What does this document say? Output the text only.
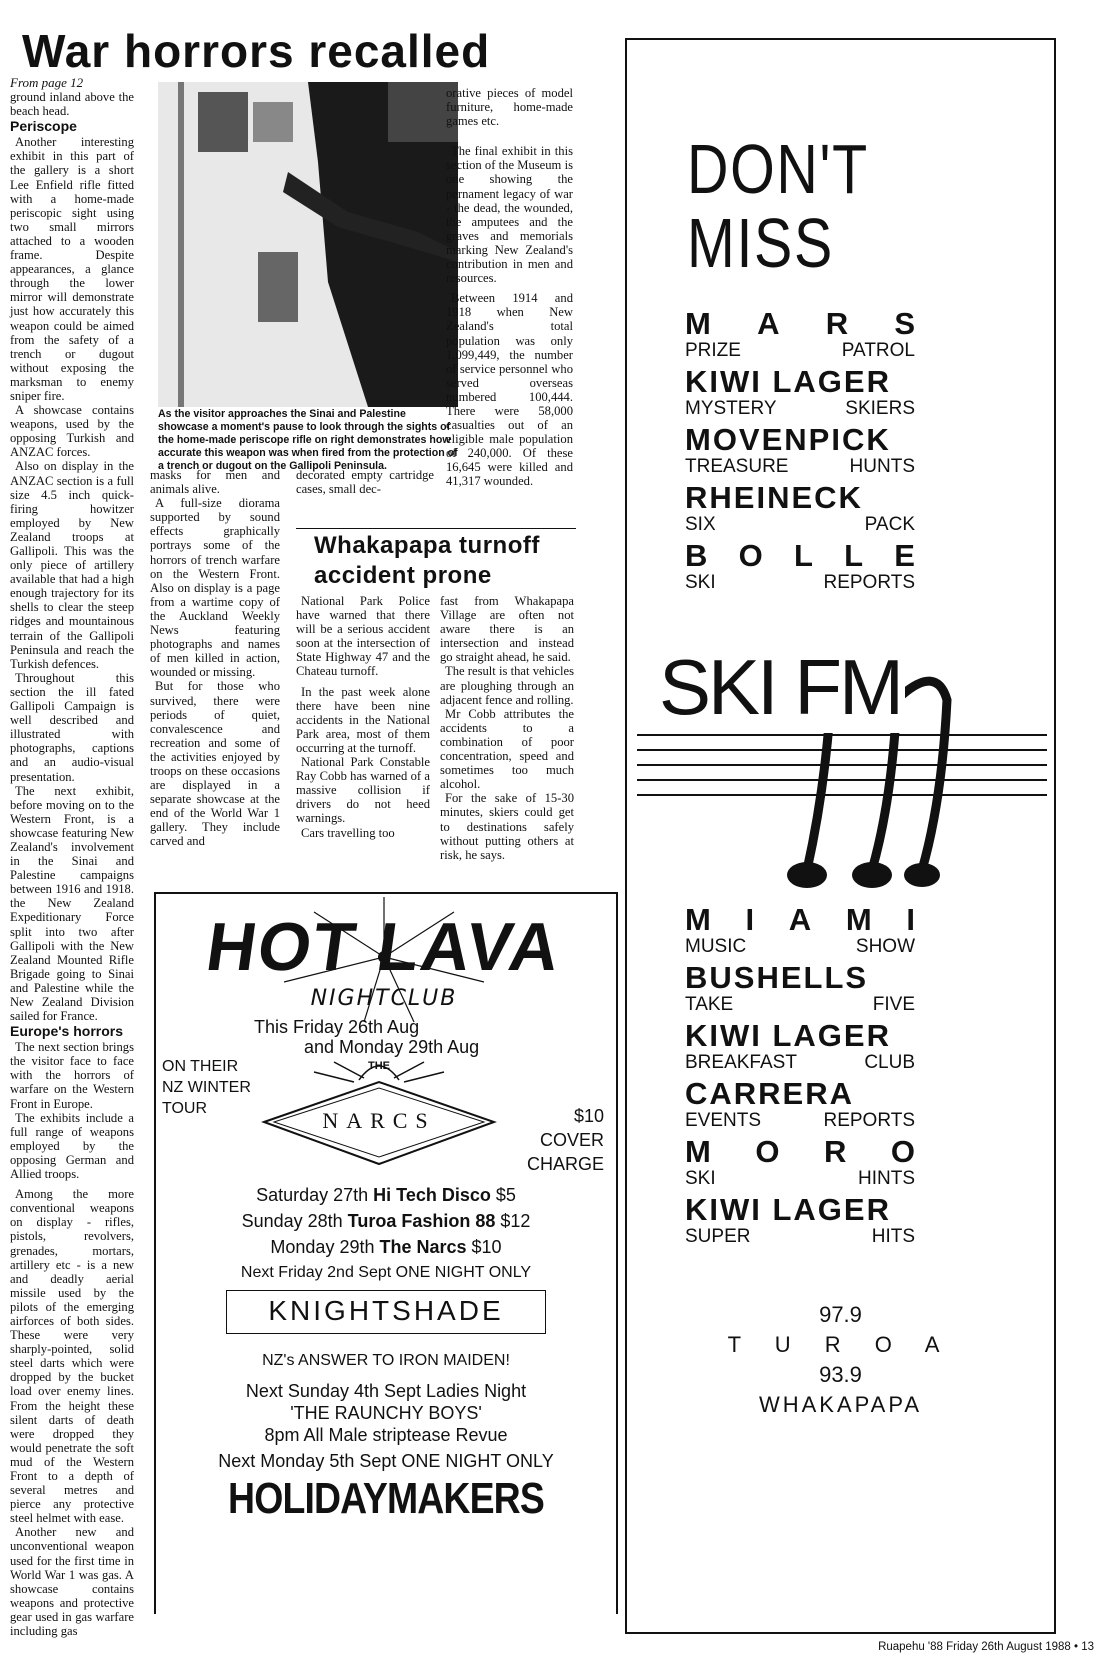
War horrors recalled
From page 12

ground inland above the beach head.

Periscope

Another interesting exhibit in this part of the gallery is a short Lee Enfield rifle fitted with a home-made periscopic sight using two small mirrors attached to a wooden frame. Despite appearances, a glance through the lower mirror will demonstrate just how accurately this weapon could be aimed from the safety of a trench or dugout without exposing the marksman to enemy sniper fire.

A showcase contains weapons, used by the opposing Turkish and ANZAC forces.

Also on display in the ANZAC section is a full size 4.5 inch quick-firing howitzer employed by New Zealand troops at Gallipoli. This was the only piece of artillery available that had a high enough trajectory for its shells to clear the steep ridges and mountainous terrain of the Gallipoli Peninsula and reach the Turkish defences.

Throughout this section the ill fated Gallipoli Campaign is well described and illustrated with photographs, captions and an audio-visual presentation.

The next exhibit, before moving on to the Western Front, is a showcase featuring New Zealand's involvement in the Sinai and Palestine campaigns between 1916 and 1918. the New Zealand Expeditionary Force split into two after Gallipoli with the New Zealand Mounted Rifle Brigade going to Sinai and Palestine while the New Zealand Division sailed for France.

Europe's horrors

The next section brings the visitor face to face with the horrors of warfare on the Western Front in Europe.

The exhibits include a full range of weapons employed by the opposing German and Allied troops.

Among the more conventional weapons on display - rifles, pistols, revolvers, grenades, mortars, artillery etc - is a new and deadly aerial missile used by the pilots of the emerging airforces of both sides. These were very sharply-pointed, solid steel darts which were dropped by the bucket load over enemy lines. From the height these silent darts of death were dropped they would penetrate the soft mud of the Western Front to a depth of several metres and pierce any protective steel helmet with ease.

Another new and unconventional weapon used for the first time in World War 1 was gas. A showcase contains weapons and protective gear used in gas warfare including gas

As the visitor approaches the Sinai and Palestine showcase a moment's pause to look through the sights of the home-made periscope rifle on right demonstrates how accurate this weapon was when fired from the protection of a trench or dugout on the Gallipoli Peninsula.

masks for men and animals alive.

A full-size diorama supported by sound effects graphically portrays some of the horrors of trench warfare on the Western Front. Also on display is a page from a wartime copy of the Auckland Weekly News featuring photographs and names of men killed in action, wounded or missing.

But for those who survived, there were periods of quiet, convalescence and recreation and some of the activities enjoyed by troops on these occasions are displayed in a separate showcase at the end of the World War 1 gallery. They include carved and

decorated empty cartridge cases, small dec-

orative pieces of model furniture, home-made games etc.

The final exhibit in this section of the Museum is one showing the pernament legacy of war - the dead, the wounded, the amputees and the graves and memorials marking New Zealand's contribution in men and resources.

Between 1914 and 1918 when New Zealand's total population was only 1,099,449, the number of service personnel who served overseas numbered 100,444. There were 58,000 casualties out of an eligible male population of 240,000. Of these 16,645 were killed and 41,317 wounded.

Whakapapa turnoff accident prone

National Park Police have warned that there will be a serious accident soon at the intersection of State Highway 47 and the Chateau turnoff.

In the past week alone there have been nine accidents in the National Park area, most of them occurring at the turnoff.

National Park Constable Ray Cobb has warned of a massive collision if drivers do not heed warnings.

Cars travelling too

fast from Whakapapa Village are often not aware there is an intersection and instead go straight ahead, he said.

The result is that vehicles are ploughing through an adjacent fence and rolling.

Mr Cobb attributes the accidents to a combination of poor concentration, speed and sometimes too much alcohol.

For the sake of 15-30 minutes, skiers could get to destinations safely without putting others at risk, he says.

HOT LAVA
NIGHTCLUB
This Friday 26th Aug
and Monday 29th Aug
ON THEIR
NZ WINTER
TOUR
THE
NARCS	$10
COVER
CHARGE
Saturday 27th Hi Tech Disco $5
Sunday 28th Turoa Fashion 88 $12
Monday 29th The Narcs $10
Next Friday 2nd Sept ONE NIGHT ONLY
KNIGHTSHADE
NZ's ANSWER TO IRON MAIDEN!
Next Sunday 4th Sept Ladies Night
'THE RAUNCHY BOYS'
8pm All Male striptease Revue
Next Monday 5th Sept ONE NIGHT ONLY
HOLIDAYMAKERS
DON'T
MISS
M A R S
PRIZE	PATROL
KIWI LAGER
MYSTERY	SKIERS
MOVENPICK
TREASURE	HUNTS
RHEINECK
SIX	PACK
B O L L E
SKI	REPORTS
SKI FM
M I A M I
MUSIC	SHOW
BUSHELLS
TAKE	FIVE
KIWI LAGER
BREAKFAST	CLUB
CARRERA
EVENTS	REPORTS
M O R O
SKI	HINTS
KIWI LAGER
SUPER	HITS
97.9
T U R O A
93.9
WHAKAPAPA
Ruapehu '88 Friday 26th August 1988 • 13
